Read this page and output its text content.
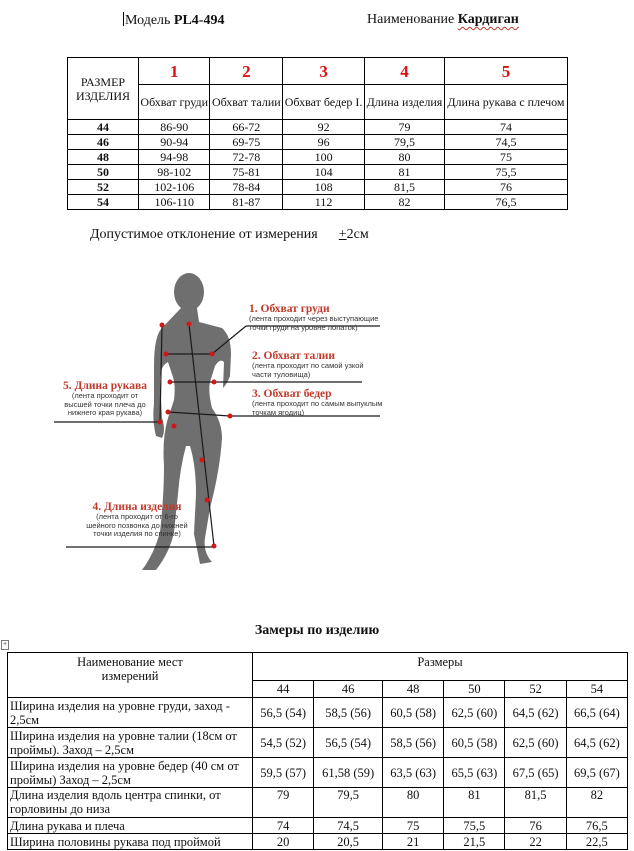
Модель PL4-494	Наименование Кардиган
РАЗМЕР ИЗДЕЛИЯ	1	2	3	4	5
	Обхват груди	Обхват талии	Обхват бедер I.	Длина изделия	Длина рукава с плечом
44	86-90	66-72	92	79	74
46	90-94	69-75	96	79,5	74,5
48	94-98	72-78	100	80	75
50	98-102	75-81	104	81	75,5
52	102-106	78-84	108	81,5	76
54	106-110	81-87	112	82	76,5
Допустимое отклонение от измерения +2см
1. Обхват груди
(лента проходит через выступающие точки груди на уровне лопаток)
2. Обхват талии
(лента проходит по самой узкой части туловища)
3. Обхват бедер
(лента проходит по самым выпуклым точкам ягодиц)
5. Длина рукава
(лента проходит от высшей точки плеча до нижнего края рукава)
4. Длина изделия
(лента проходит от 6-го шейного позвонка до нижней точки изделия по спинке)
Замеры по изделию
+
Наименование мест измерений	Размеры					
	44	46	48	50	52	54
Ширина изделия на уровне груди, заход - 2,5см	56,5 (54)	58,5 (56)	60,5 (58)	62,5 (60)	64,5 (62)	66,5 (64)
Ширина изделия на уровне талии (18см от проймы). Заход – 2,5см	54,5 (52)	56,5 (54)	58,5 (56)	60,5 (58)	62,5 (60)	64,5 (62)
Ширина изделия на уровне бедер (40 см от проймы) Заход – 2,5см	59,5 (57)	61,58 (59)	63,5 (63)	65,5 (63)	67,5 (65)	69,5 (67)
Длина изделия вдоль центра спинки, от горловины до низа	79	79,5	80	81	81,5	82
Длина рукава и плеча	74	74,5	75	75,5	76	76,5
Ширина половины рукава под проймой	20	20,5	21	21,5	22	22,5
